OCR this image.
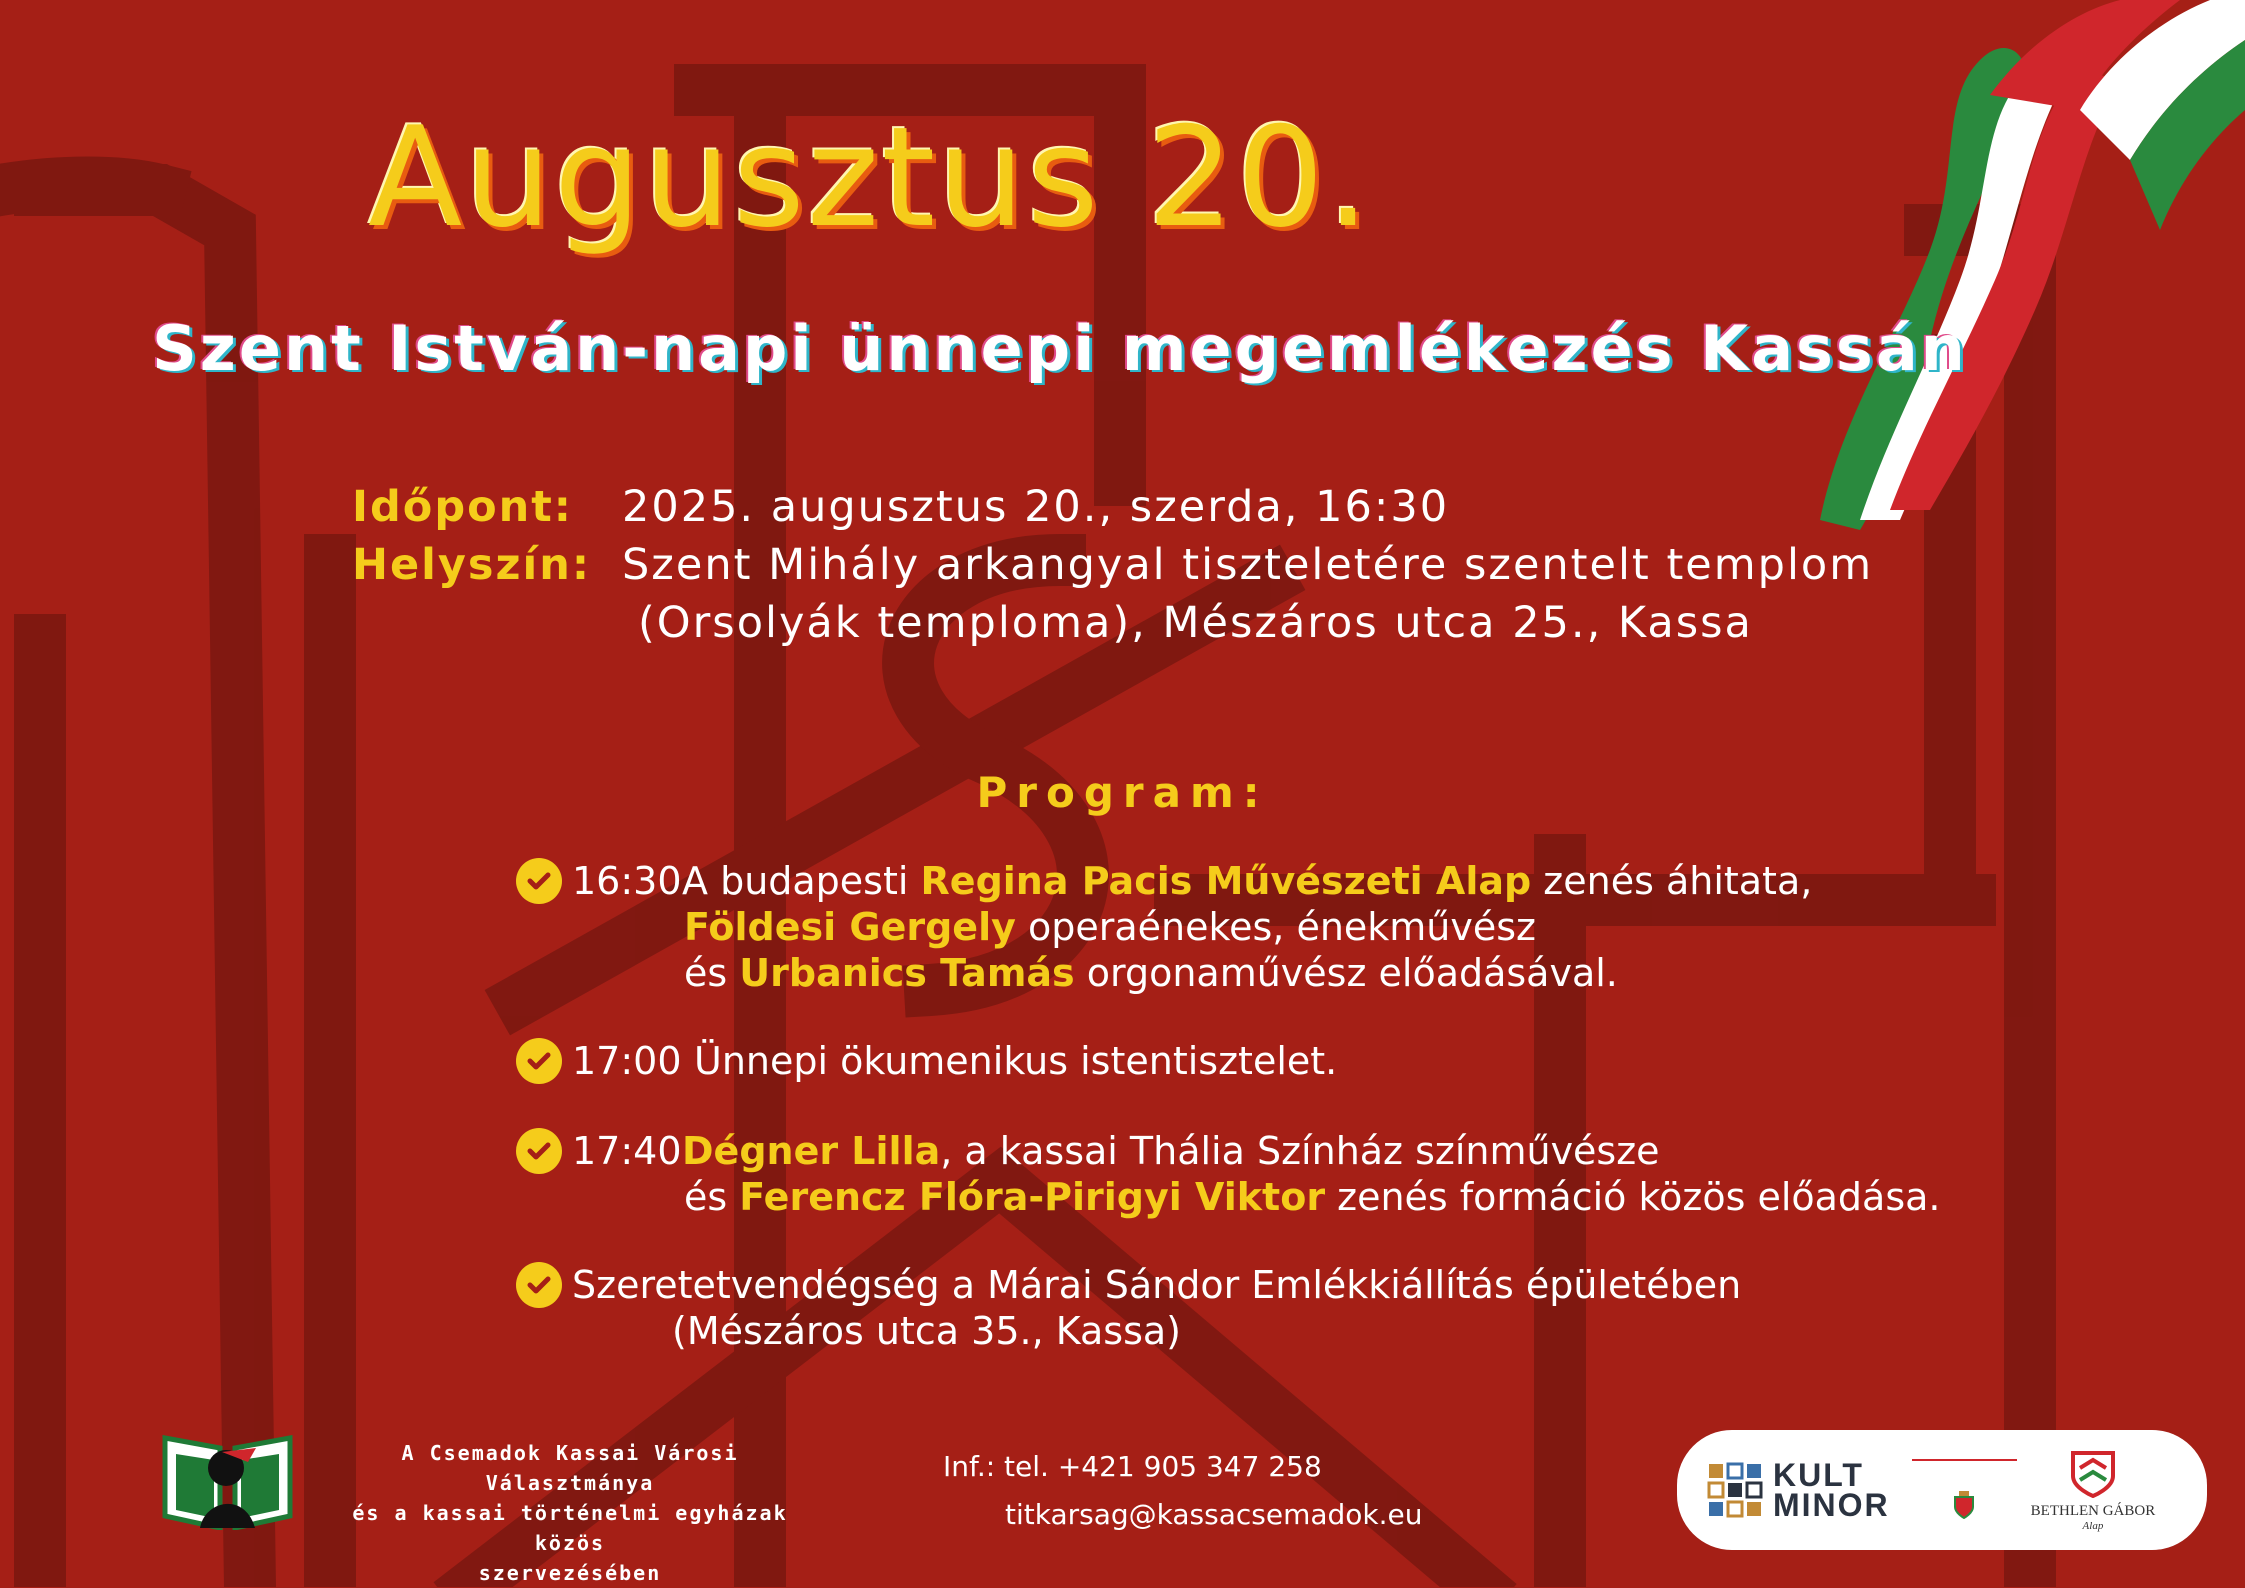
Augusztus 20.
Szent István-napi ünnepi megemlékezés Kassán
Időpont:	2025. augusztus 20., szerda, 16:30
Helyszín: Szent Mihály arkangyal tiszteletére szentelt templom
(Orsolyák temploma), Mészáros utca 25., Kassa
Program:
16:30 A budapesti Regina Pacis Művészeti Alap zenés áhitata,
Földesi Gergely operaénekes, énekművész
és Urbanics Tamás orgonaművész előadásával.
17:00 Ünnepi ökumenikus istentisztelet.
17:40 Dégner Lilla, a kassai Thália Színház színművésze
és Ferencz Flóra-Pirigyi Viktor zenés formáció közös előadása.
Szeretetvendégség a Márai Sándor Emlékkiállítás épületében
(Mészáros utca 35., Kassa)
A Csemadok Kassai Városi Választmánya
és a kassai történelmi egyházak közös
szervezésében
Inf.: tel. +421 905 347 258
titkarsag@kassacsemadok.eu
KULT
MINOR	BETHLEN GÁBOR
Alap
